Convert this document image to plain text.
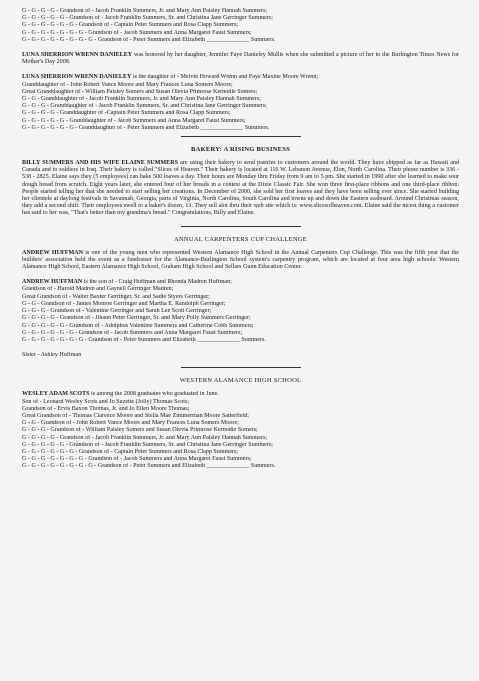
G - G - G - G - Grandson of - Jacob Franklin Summers, Jr. and Mary Ann Paisley Hannah Summers;
G - G - G - G - G - Grandson of - Jacob Franklin Summers, Sr. and Christina Jane Gerringer Summers;
G - G - G - G - G - G - Grandson of - Captain Peter Summers and Rosa Clapp Summers;
G - G - G - G - G - G - G - Grandson of - Jacob Summers and Anna Margaret Faust Summers;
G - G - G - G - G - G - G - G - Grandson of - Peter Summers and Elizabeth ______________ Summers.

LUNA SHERRION WRENN DANIELEY was honored by her daughter, Jennifer Faye Danieley Mullis when she submitted a picture of her to the Burlington Times News for Mother's Day 2008.

LUNA SHERRION WRENN DANIELEY is the daughter of - Melvin Howard Wrenn and Faye Maxine Moore Wrenn;
Granddaughter of - John Robert Vance Moore and Mary Frances Luna Somers Moore;
Great Granddaughter of - William Paisley Somers and Susan Olevia Primrose Kernodle Somers;
G - G - Granddaughter of - Jacob Franklin Summers, Jr. and Mary Ann Paisley Hannah Summers;
G - G - G - Granddaughter of - Jacob Franklin Summers, Sr. and Christina Jane Gerringer Summers;
G - G - G - G - Granddaughter of -Captain Peter Summers and Rosa Clapp Summers;
G - G - G - G - G - Granddaughter of - Jacob Summers and Anna Margaret Faust Summers;
G - G - G - G - G - G - Granddaughter of - Peter Summers and Elizabeth ______________ Summers.
BAKERY: A RISING BUSINESS

BILLY SUMMERS AND HIS WIFE ELAINE SUMMERS are using their bakery to send pastries to customers around the world. They have shipped as far as Hawaii and Canada and to soldiers in Iraq. Their bakery is called "Slices of Heaven." Their bakery is located at 116 W. Lebanon Avenue, Elon, North Carolina. Their phone number is 336 - 538 - 2825. Elaine says they (5 employees) can bake 500 loaves a day. Their hours are Monday thru Friday from 9 am to 5 pm. She started in 1990 after she learned to make sour dough bread from scratch. Eight years later, she entered four of her breads in a contest at the Dixie Classic Fair. She won three first-place ribbons and one third-place ribbon. People started telling her that she needed to start selling her creations. In December of 2000, she sold her first loaves and they have been selling ever since. She started building her clientele at daylong festivals in Savannah, Georgia, parts of Virginia, North Carolina, South Carolina and towns up and down the Eastern seaboard. Around Christmas season, they add a second shift. Their employees swell to a baker's dozen, 13. They sell alot thru their web site which is: www.slicesofheaven.com. Elaine said the nicest thing a customer has said to her was, "That's better than my grandma's bread." Congratulations, Billy and Elaine.

ANNUAL CARPENTERS CUP CHALLENGE

ANDREW HUFFMAN is one of the young men who represented Western Alamance High School in the Annual Carpenters Cup Challenge. This was the fifth year that the builders' association held the event as a fundraiser for the Alamance-Burlington School system's carpentry program, which are located at four area high schools: Western Alamance High School, Eastern Alamance High School, Graham High School and Sellars Gunn Education Center.

ANDREW HUFFMAN is the son of - Craig Huffman and Rhonda Madren Huffman;
Grandson of - Harold Madren and Gaynell Gerringer Madren;
Great Grandson of - Walter Baxter Gerringer, Sr. and Sadie Styers Gerringer;
G - G - Grandson of - James Monroe Gerringer and Martha E. Randolph Gerringer;
G - G - G - Grandson of - Valentine Gerringer and Sarah Lee Scott Gerringer;
G - G - G - G - Grandson of - Jihann Peter Gerringer, Sr. and Mary Polly Summers Gerringer;
G - G - G - G - G - Grandson of - Adolphus Valentine Summers and Catherine Cobb Summers;
G - G - G - G - G - G - Grandson of - Jacob Summers and Anna Margaret Faust Summers;
G - G - G - G - G - G - G - Grandson of - Peter Summers and Elizabeth ______________ Summers.
Sister - Ashley Huffman
WESTERN ALAMANCE HIGH SCHOOL
WESLEY ADAM SCOTS is among the 2008 graduates who graduated in June.
Son of - Leonard Wesley Scots and Jo Suzette (Jolly) Thomas Scots;
Grandson of - Ervis Baxon Thomas, Jr. and Jo Ellen Moore Thomas;
Great Grandson of - Thomas Clarence Moore and Stella Mae Zimmerman Moore Satterfield;
G - G - Grandson of - John Robert Vance Moore and Mary Frances Luna Somers Moore;
G - G - G - Grandson of - William Paisley Somers and Susan Olevia Primrose Kernodle Somers;
G - G - G - G - Grandson of - Jacob Franklin Summers, Jr. and Mary Ann Paisley Hannah Summers;
G - G - G - G - G - Grandson of - Jacob Franklin Summers, Sr. and Christina Jane Gerringer Summers;
G - G - G - G - G - G - Grandson of - Captain Peter Summers and Rosa Clapp Summers;
G - G - G - G - G - G - G - Grandson of - Jacob Summers and Anna Margaret Faust Summers;
G - G - G - G - G - G - G - G - Grandson of - Peter Summers and Elizabeth ______________ Summers.
